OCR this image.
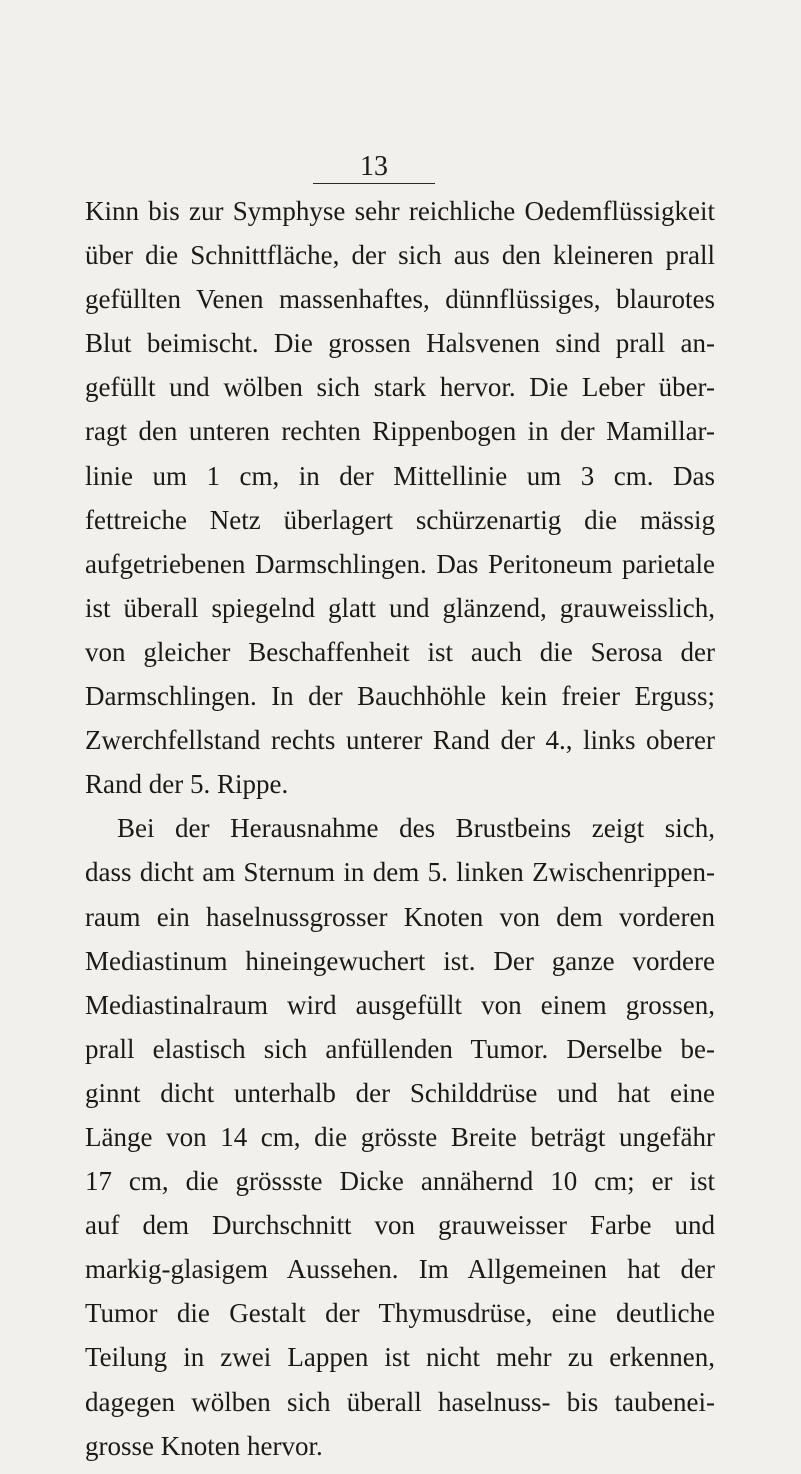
13
Kinn bis zur Symphyse sehr reichliche Oedemflüssigkeit
über die Schnittfläche, der sich aus den kleineren prall
gefüllten Venen massenhaftes, dünnflüssiges, blaurotes
Blut beimischt. Die grossen Halsvenen sind prall an-
gefüllt und wölben sich stark hervor. Die Leber über-
ragt den unteren rechten Rippenbogen in der Mamillar-
linie um 1 cm, in der Mittellinie um 3 cm. Das
fettreiche Netz überlagert schürzenartig die mässig
aufgetriebenen Darmschlingen. Das Peritoneum parietale
ist überall spiegelnd glatt und glänzend, grauweisslich,
von gleicher Beschaffenheit ist auch die Serosa der
Darmschlingen. In der Bauchhöhle kein freier Erguss;
Zwerchfellstand rechts unterer Rand der 4., links oberer
Rand der 5. Rippe.
Bei der Herausnahme des Brustbeins zeigt sich,
dass dicht am Sternum in dem 5. linken Zwischenrippen-
raum ein haselnussgrosser Knoten von dem vorderen
Mediastinum hineingewuchert ist. Der ganze vordere
Mediastinalraum wird ausgefüllt von einem grossen,
prall elastisch sich anfüllenden Tumor. Derselbe be-
ginnt dicht unterhalb der Schilddrüse und hat eine
Länge von 14 cm, die grösste Breite beträgt ungefähr
17 cm, die grössste Dicke annähernd 10 cm; er ist
auf dem Durchschnitt von grauweisser Farbe und
markig-glasigem Aussehen. Im Allgemeinen hat der
Tumor die Gestalt der Thymusdrüse, eine deutliche
Teilung in zwei Lappen ist nicht mehr zu erkennen,
dagegen wölben sich überall haselnuss- bis taubenei-
grosse Knoten hervor.
